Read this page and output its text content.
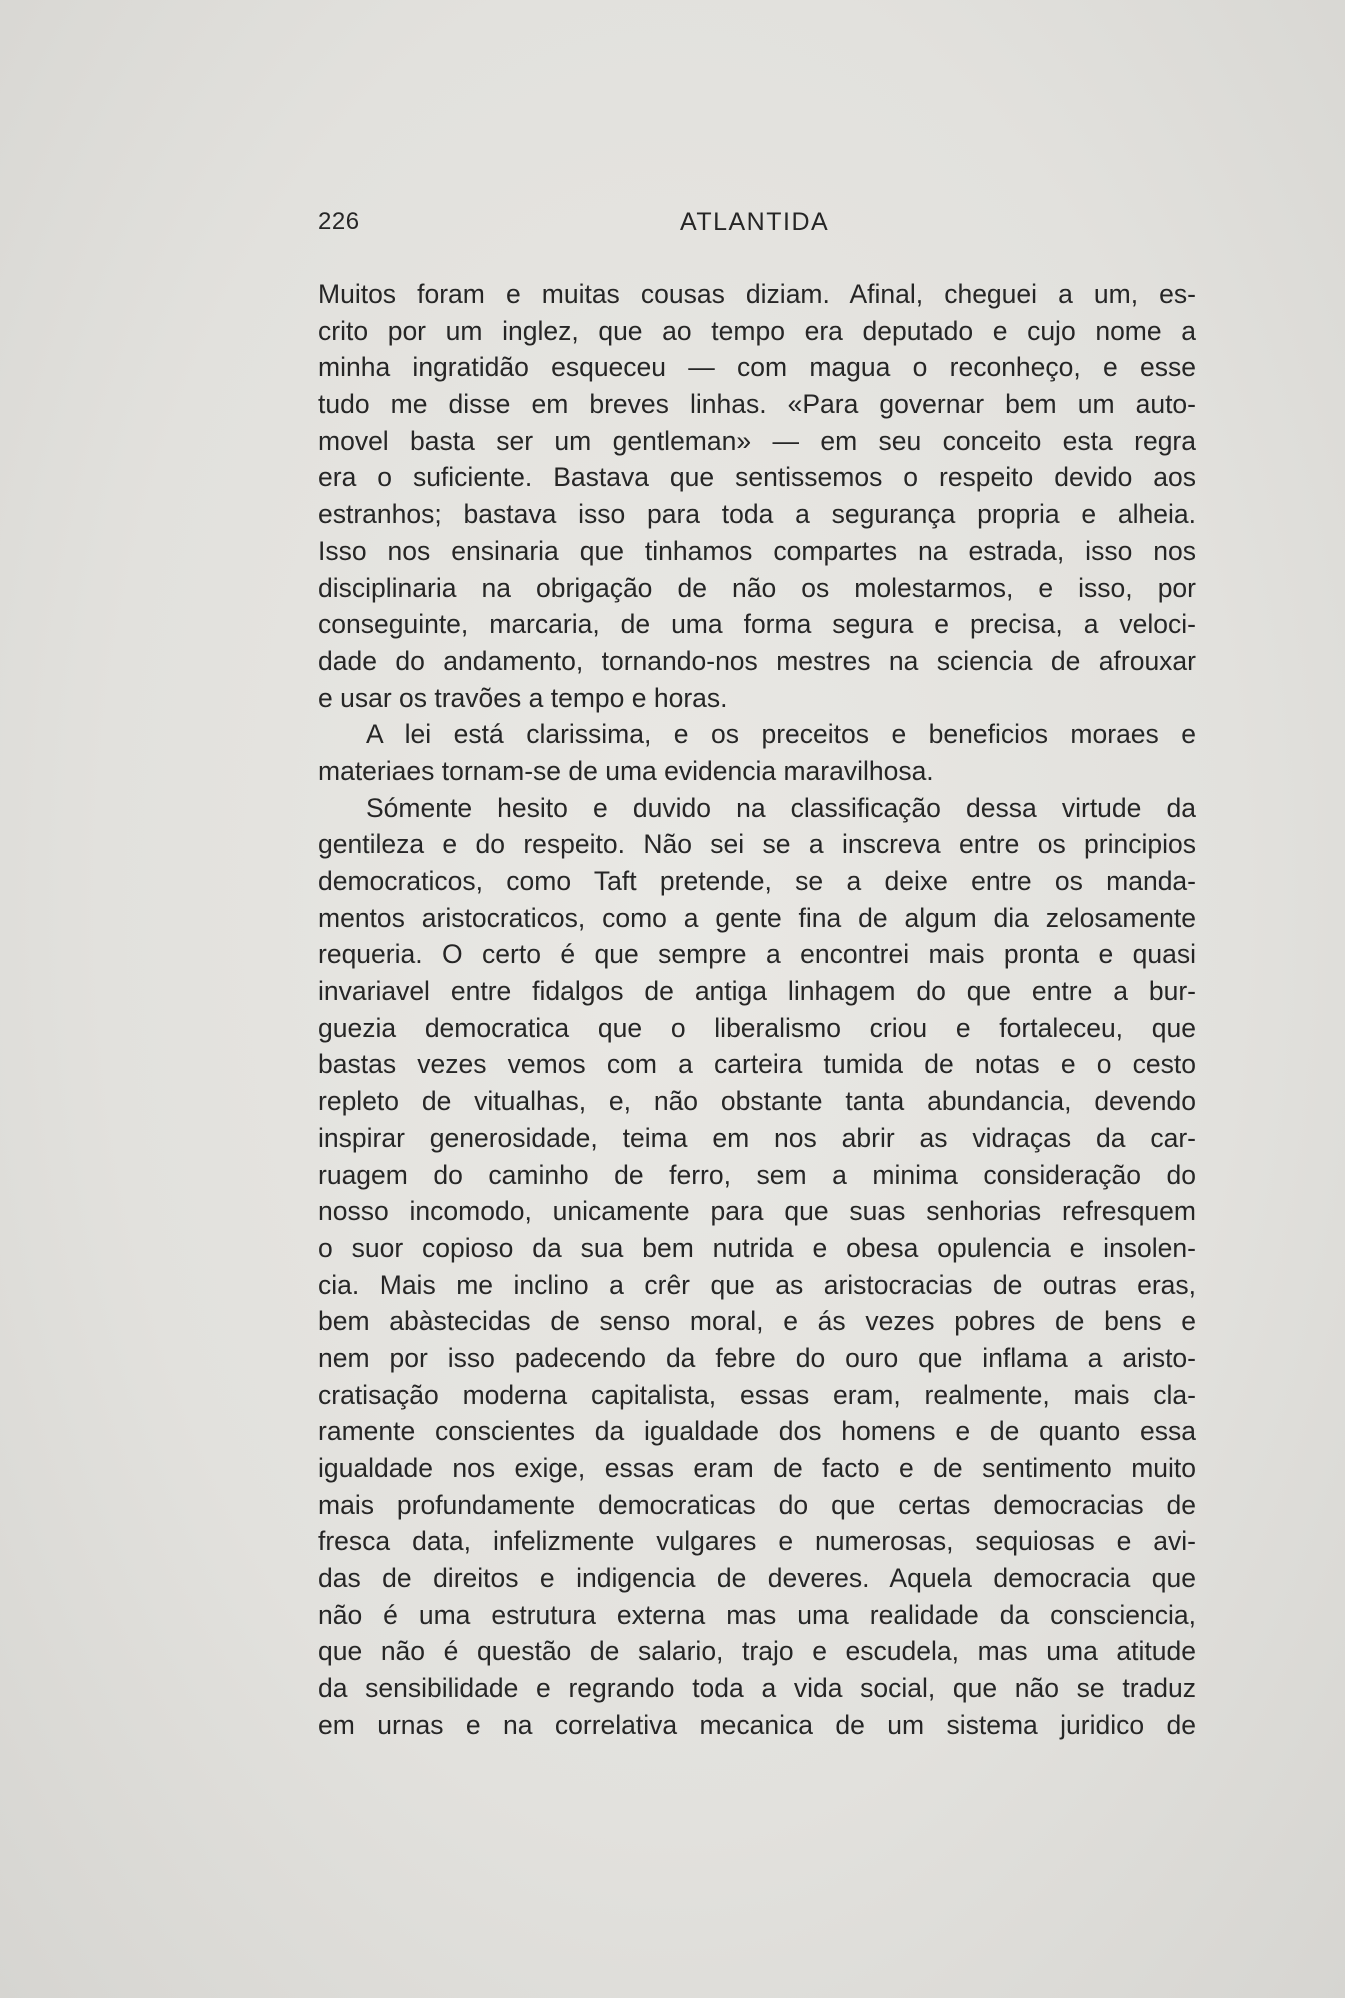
226	ATLANTIDA
Muitos foram e muitas cousas diziam. Afinal, cheguei a um, es-
crito por um inglez, que ao tempo era deputado e cujo nome a
minha ingratidão esqueceu — com magua o reconheço, e esse
tudo me disse em breves linhas. «Para governar bem um auto-
movel basta ser um gentleman» — em seu conceito esta regra
era o suficiente. Bastava que sentissemos o respeito devido aos
estranhos; bastava isso para toda a segurança propria e alheia.
Isso nos ensinaria que tinhamos compartes na estrada, isso nos
disciplinaria na obrigação de não os molestarmos, e isso, por
conseguinte, marcaria, de uma forma segura e precisa, a veloci-
dade do andamento, tornando-nos mestres na sciencia de afrouxar
e usar os travões a tempo e horas.
A lei está clarissima, e os preceitos e beneficios moraes e
materiaes tornam-se de uma evidencia maravilhosa.
Sómente hesito e duvido na classificação dessa virtude da
gentileza e do respeito. Não sei se a inscreva entre os principios
democraticos, como Taft pretende, se a deixe entre os manda-
mentos aristocraticos, como a gente fina de algum dia zelosamente
requeria. O certo é que sempre a encontrei mais pronta e quasi
invariavel entre fidalgos de antiga linhagem do que entre a bur-
guezia democratica que o liberalismo criou e fortaleceu, que
bastas vezes vemos com a carteira tumida de notas e o cesto
repleto de vitualhas, e, não obstante tanta abundancia, devendo
inspirar generosidade, teima em nos abrir as vidraças da car-
ruagem do caminho de ferro, sem a minima consideração do
nosso incomodo, unicamente para que suas senhorias refresquem
o suor copioso da sua bem nutrida e obesa opulencia e insolen-
cia. Mais me inclino a crêr que as aristocracias de outras eras,
bem abàstecidas de senso moral, e ás vezes pobres de bens e
nem por isso padecendo da febre do ouro que inflama a aristo-
cratisação moderna capitalista, essas eram, realmente, mais cla-
ramente conscientes da igualdade dos homens e de quanto essa
igualdade nos exige, essas eram de facto e de sentimento muito
mais profundamente democraticas do que certas democracias de
fresca data, infelizmente vulgares e numerosas, sequiosas e avi-
das de direitos e indigencia de deveres. Aquela democracia que
não é uma estrutura externa mas uma realidade da consciencia,
que não é questão de salario, trajo e escudela, mas uma atitude
da sensibilidade e regrando toda a vida social, que não se traduz
em urnas e na correlativa mecanica de um sistema juridico de
